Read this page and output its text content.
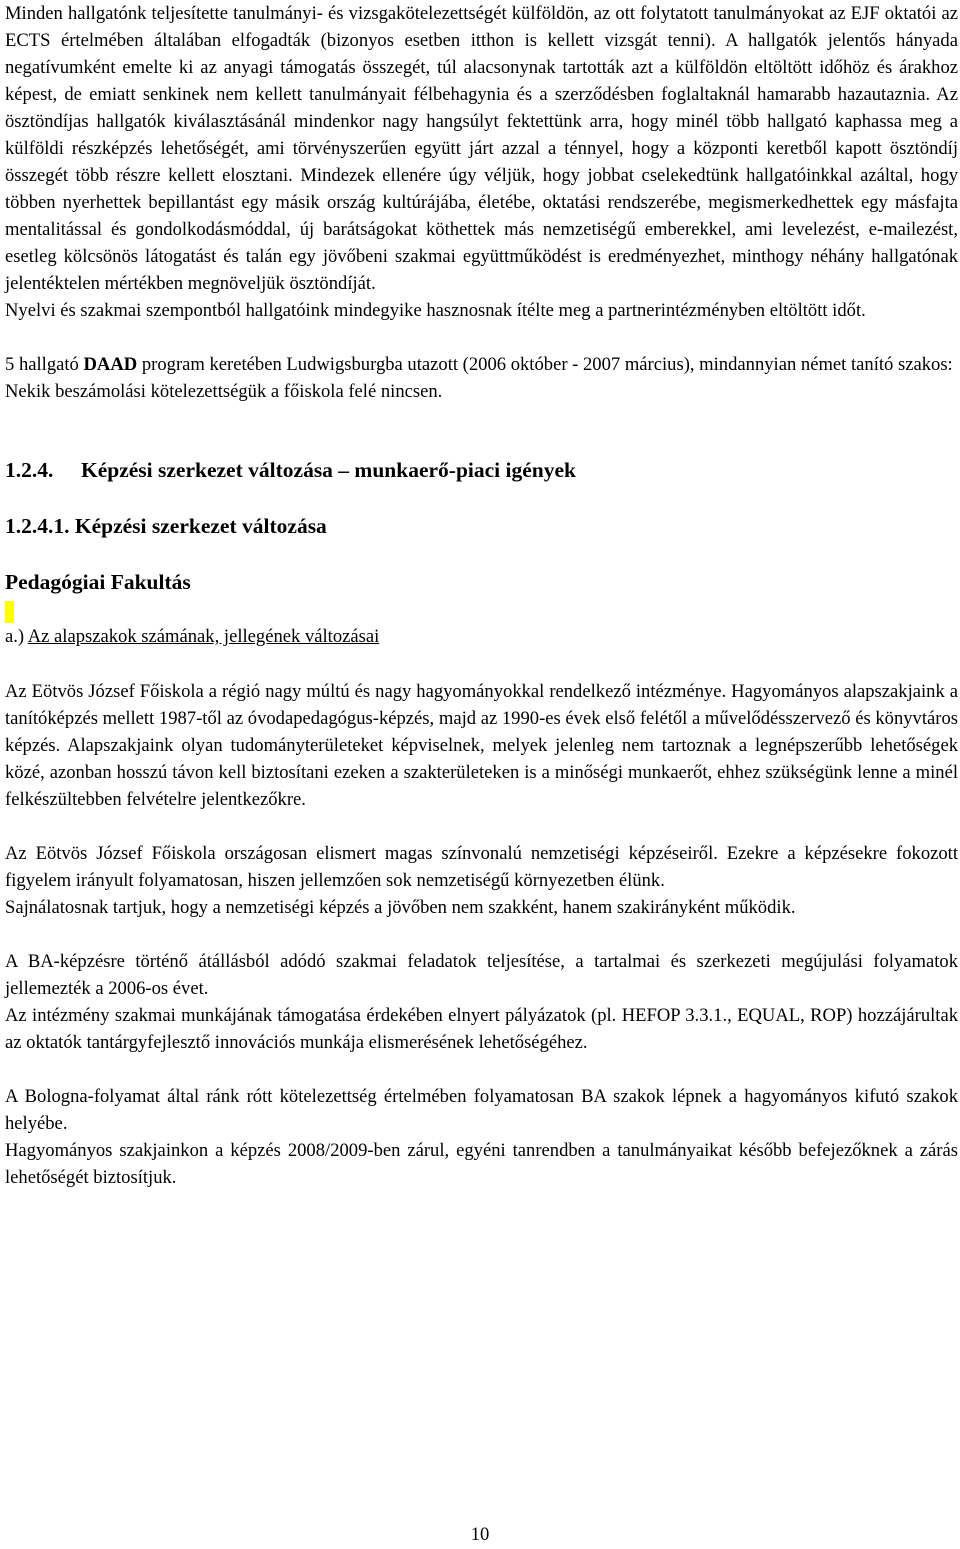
Minden hallgatónk teljesítette tanulmányi- és vizsgakötelezettségét külföldön, az ott folytatott tanulmányokat az EJF oktatói az ECTS értelmében általában elfogadták (bizonyos esetben itthon is kellett vizsgát tenni). A hallgatók jelentős hányada negatívumként emelte ki az anyagi támogatás összegét, túl alacsonynak tartották azt a külföldön eltöltött időhöz és árakhoz képest, de emiatt senkinek nem kellett tanulmányait félbehagynia és a szerződésben foglaltaknál hamarabb hazautaznia. Az ösztöndíjas hallgatók kiválasztásánál mindenkor nagy hangsúlyt fektettünk arra, hogy minél több hallgató kaphassa meg a külföldi részképzés lehetőségét, ami törvényszerűen együtt járt azzal a ténnyel, hogy a központi keretből kapott ösztöndíj összegét több részre kellett elosztani. Mindezek ellenére úgy véljük, hogy jobbat cselekedtünk hallgatóinkkal azáltal, hogy többen nyerhettek bepillantást egy másik ország kultúrájába, életébe, oktatási rendszerébe, megismerkedhettek egy másfajta mentalitással és gondolkodásmóddal, új barátságokat köthettek más nemzetiségű emberekkel, ami levelezést, e-mailezést, esetleg kölcsönös látogatást és talán egy jövőbeni szakmai együttműködést is eredményezhet, minthogy néhány hallgatónak jelentéktelen mértékben megnöveljük ösztöndíját.

Nyelvi és szakmai szempontból hallgatóink mindegyike hasznosnak ítélte meg a partnerintézményben eltöltött időt.

5 hallgató DAAD program keretében Ludwigsburgba utazott (2006 október - 2007 március), mindannyian német tanító szakos:

Nekik beszámolási kötelezettségük a főiskola felé nincsen.

1.2.4. Képzési szerkezet változása – munkaerő-piaci igények
1.2.4.1. Képzési szerkezet változása
Pedagógiai Fakultás

a.) Az alapszakok számának, jellegének változásai

Az Eötvös József Főiskola a régió nagy múltú és nagy hagyományokkal rendelkező intézménye. Hagyományos alapszakjaink a tanítóképzés mellett 1987-től az óvodapedagógus-képzés, majd az 1990-es évek első felétől a művelődésszervező és könyvtáros képzés. Alapszakjaink olyan tudományterületeket képviselnek, melyek jelenleg nem tartoznak a legnépszerűbb lehetőségek közé, azonban hosszú távon kell biztosítani ezeken a szakterületeken is a minőségi munkaerőt, ehhez szükségünk lenne a minél felkészültebben felvételre jelentkezőkre.

Az Eötvös József Főiskola országosan elismert magas színvonalú nemzetiségi képzéseiről. Ezekre a képzésekre fokozott figyelem irányult folyamatosan, hiszen jellemzően sok nemzetiségű környezetben élünk.

Sajnálatosnak tartjuk, hogy a nemzetiségi képzés a jövőben nem szakként, hanem szakirányként működik.

A BA-képzésre történő átállásból adódó szakmai feladatok teljesítése, a tartalmai és szerkezeti megújulási folyamatok jellemezték a 2006-os évet.

Az intézmény szakmai munkájának támogatása érdekében elnyert pályázatok (pl. HEFOP 3.3.1., EQUAL, ROP) hozzájárultak az oktatók tantárgyfejlesztő innovációs munkája elismerésének lehetőségéhez.

A Bologna-folyamat által ránk rótt kötelezettség értelmében folyamatosan BA szakok lépnek a hagyományos kifutó szakok helyébe.

Hagyományos szakjainkon a képzés 2008/2009-ben zárul, egyéni tanrendben a tanulmányaikat később befejezőknek a zárás lehetőségét biztosítjuk.

10
